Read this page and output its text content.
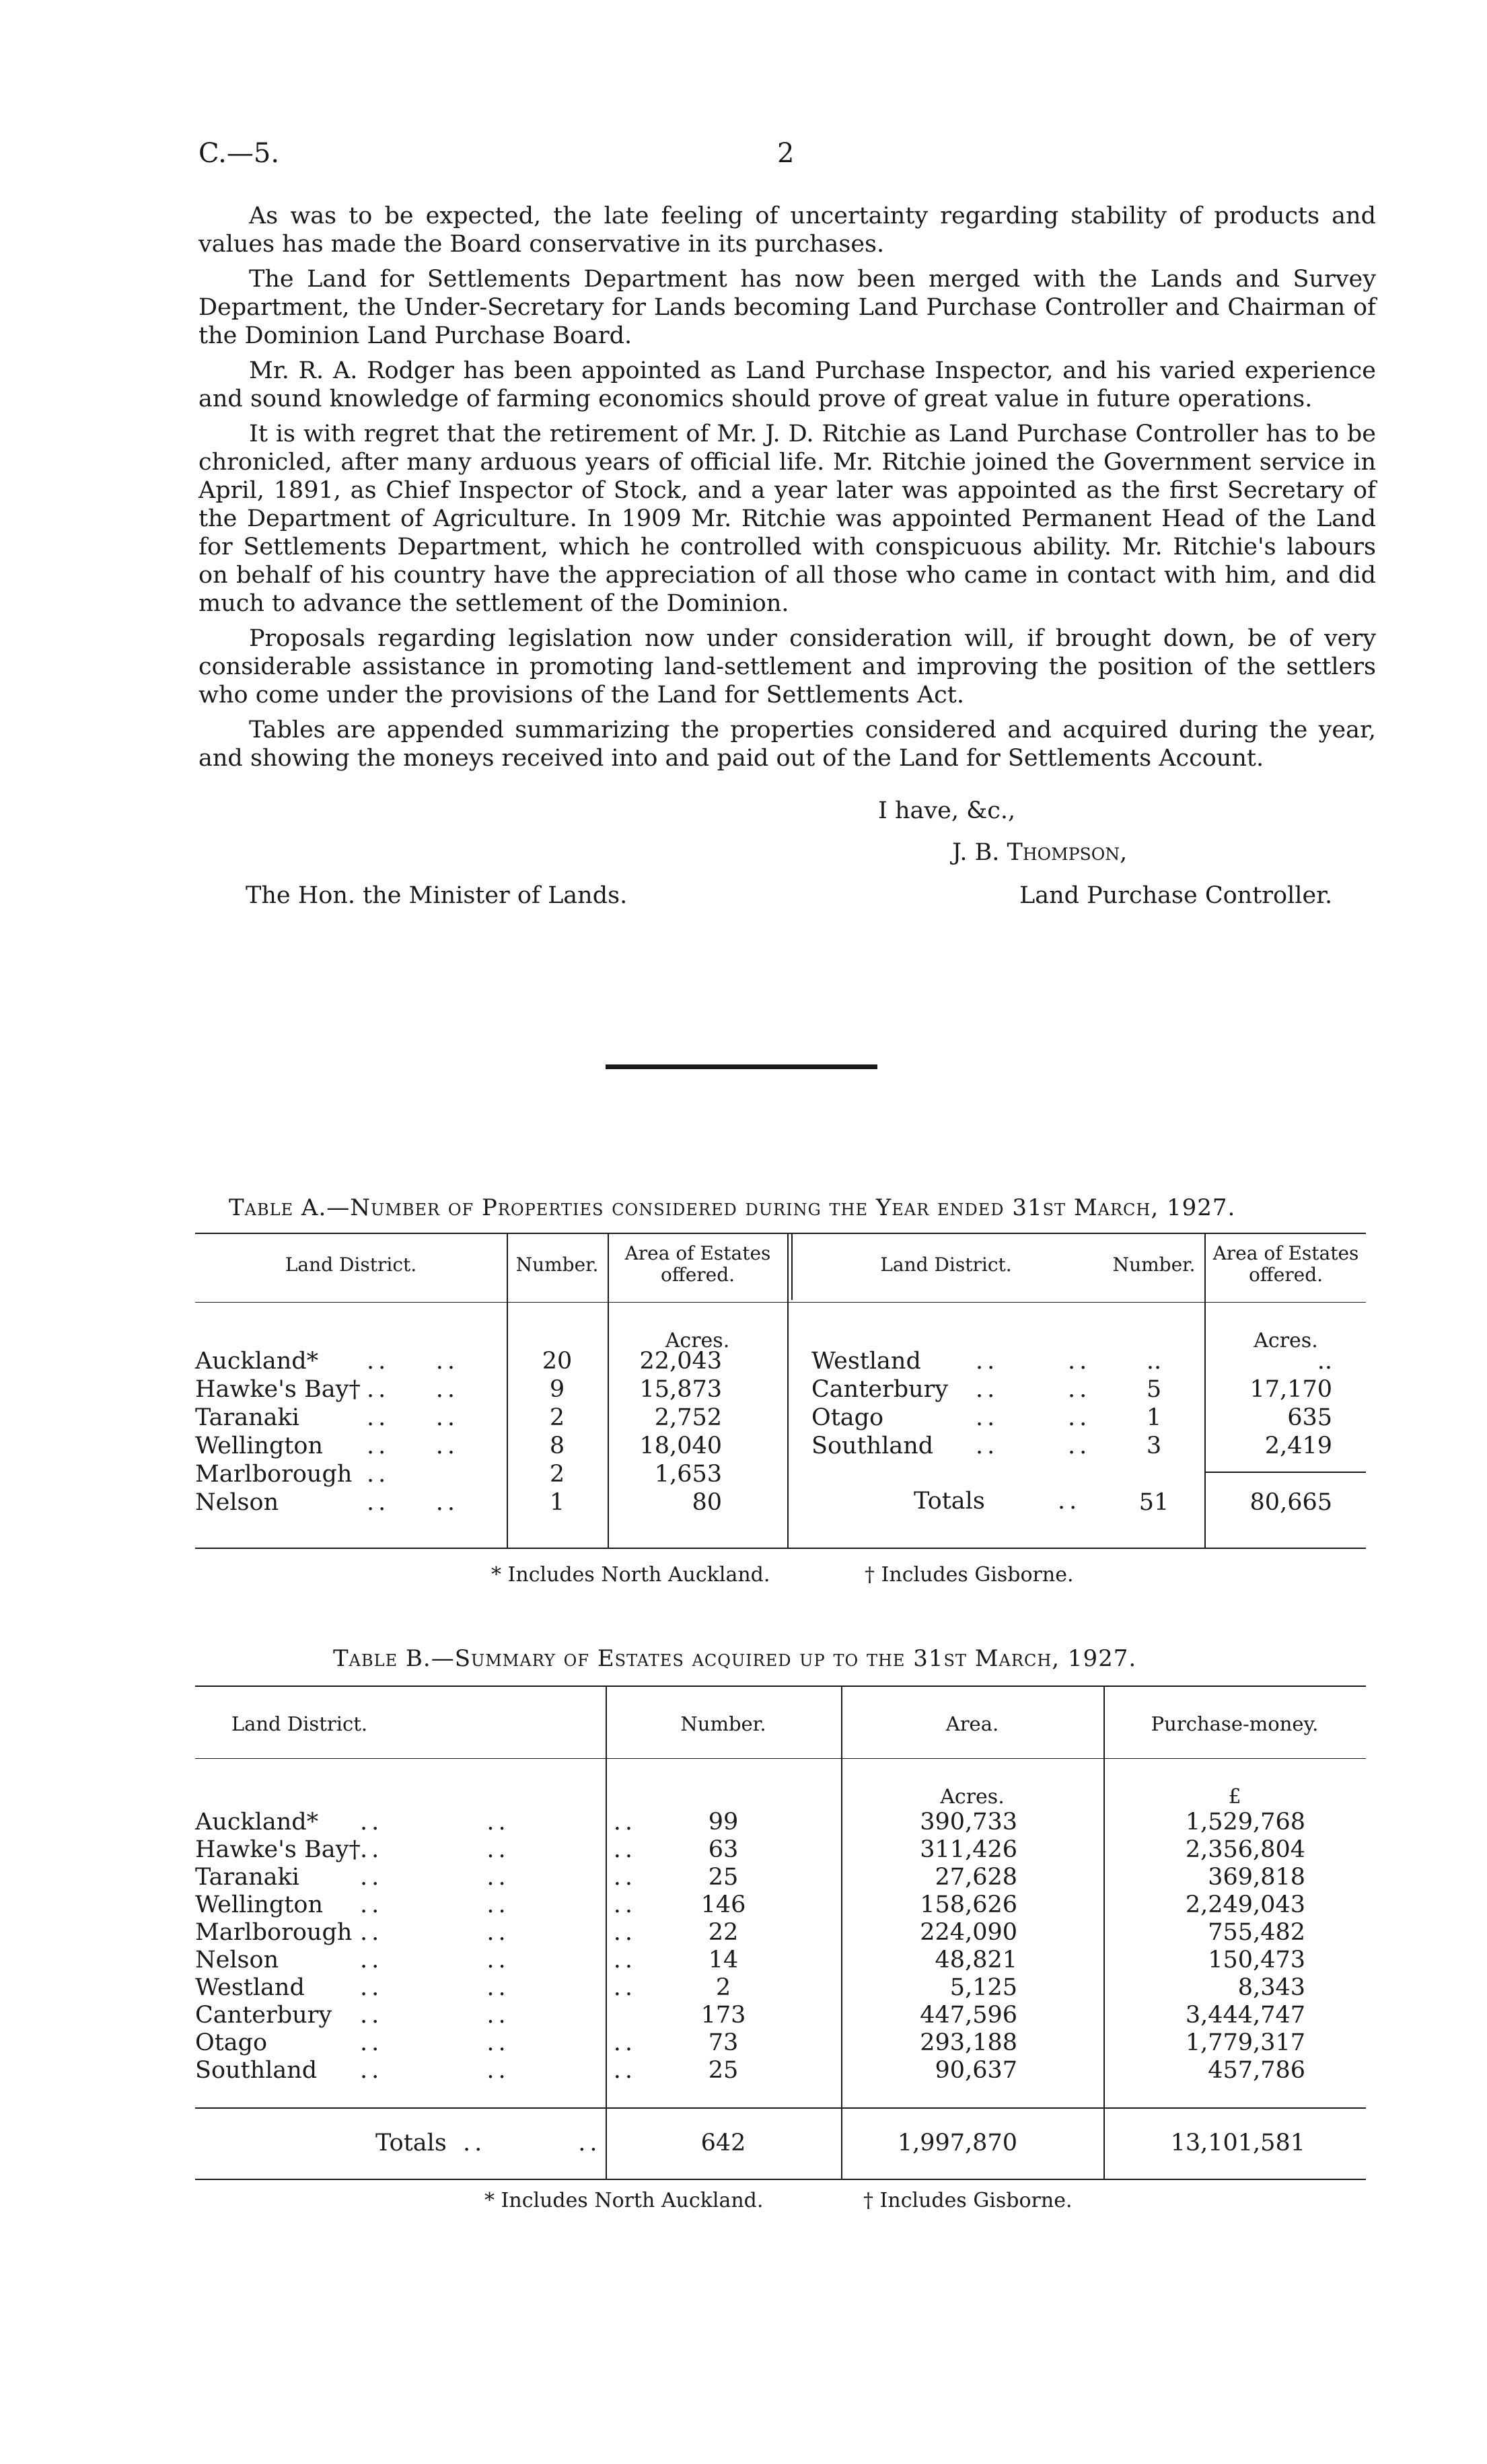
C.—5.	2

As was to be expected, the late feeling of uncertainty regarding stability of products and values has made the Board conservative in its purchases.

The Land for Settlements Department has now been merged with the Lands and Survey Department, the Under-Secretary for Lands becoming Land Purchase Controller and Chairman of the Dominion Land Purchase Board.

Mr. R. A. Rodger has been appointed as Land Purchase Inspector, and his varied experience and sound knowledge of farming economics should prove of great value in future operations.

It is with regret that the retirement of Mr. J. D. Ritchie as Land Purchase Controller has to be chronicled, after many arduous years of official life. Mr. Ritchie joined the Government service in April, 1891, as Chief Inspector of Stock, and a year later was appointed as the first Secretary of the Department of Agriculture. In 1909 Mr. Ritchie was appointed Permanent Head of the Land for Settlements Department, which he controlled with conspicuous ability. Mr. Ritchie's labours on behalf of his country have the appreciation of all those who came in contact with him, and did much to advance the settlement of the Dominion.

Proposals regarding legislation now under consideration will, if brought down, be of very considerable assistance in promoting land-settlement and improving the position of the settlers who come under the provisions of the Land for Settlements Act.

Tables are appended summarizing the properties considered and acquired during the year, and showing the moneys received into and paid out of the Land for Settlements Account.

I have, &c.,
J. B. Thompson,
The Hon. the Minister of Lands.	Land Purchase Controller.
Table A.—Number of Properties considered during the Year ended 31st March, 1927.
Land District.	Number.
Area of Estates offered.	Land District.	Number.
Area of Estates offered.
Acres.	Acres.
Auckland* ..    ..	20	22,043
Hawke's Bay† ..    ..	9	15,873
Taranaki	..    ..	2	2,752
Wellington ..    ..	8	18,040
Marlborough ..	2	1,653
Nelson	..    ..	1	80
Westland ..      ..	..	..
Canterbury ..      ..	5	17,170
Otago	..      ..	1	635
Southland ..      ..	3	2,419
Totals	..	51	80,665
* Includes North Auckland.	† Includes Gisborne.
Table B.—Summary of Estates acquired up to the 31st March, 1927.
Land District.	Number.	Area.	Purchase-money.
Acres.	£
Auckland* ..         ..         ..	99	390,733	1,529,768
Hawke's Bay† ..         ..         ..	63	311,426	2,356,804
Taranaki	..         ..         ..	25	27,628	369,818
Wellington ..         ..         ..	146	158,626	2,249,043
Marlborough ..         ..         ..	22	224,090	755,482
Nelson	..         ..         ..	14	48,821	150,473
Westland ..         ..         ..	2	5,125	8,343
Canterbury ..         ..	173	447,596	3,444,747
Otago	..         ..         ..	73	293,188	1,779,317
Southland ..         ..         ..	25	90,637	457,786
Totals ..        ..	642	1,997,870	13,101,581
* Includes North Auckland.	† Includes Gisborne.
